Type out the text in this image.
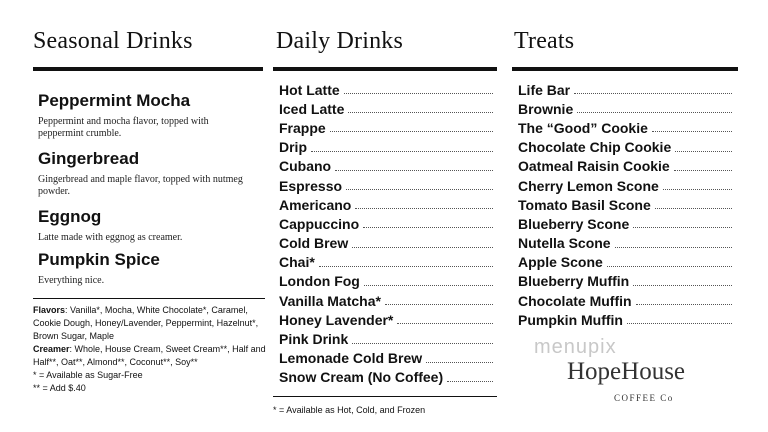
Seasonal Drinks
Peppermint Mocha
Peppermint and mocha flavor, topped with peppermint crumble.
Gingerbread
Gingerbread and maple flavor, topped with nutmeg powder.
Eggnog
Latte made with eggnog as creamer.
Pumpkin Spice
Everything nice.
Flavors: Vanilla*, Mocha, White Chocolate*, Caramel, Cookie Dough, Honey/Lavender, Peppermint, Hazelnut*, Brown Sugar, Maple
Creamer: Whole, House Cream, Sweet Cream**, Half and Half**, Oat**, Almond**, Coconut**, Soy**
* = Available as Sugar-Free
** = Add $.40
Daily Drinks
Hot Latte
Iced Latte
Frappe
Drip
Cubano
Espresso
Americano
Cappuccino
Cold Brew
Chai*
London Fog
Vanilla Matcha*
Honey Lavender*
Pink Drink
Lemonade Cold Brew
Snow Cream (No Coffee)
* = Available as Hot, Cold, and Frozen
Treats
Life Bar
Brownie
The “Good” Cookie
Chocolate Chip Cookie
Oatmeal Raisin Cookie
Cherry Lemon Scone
Tomato Basil Scone
Blueberry Scone
Nutella Scone
Apple Scone
Blueberry Muffin
Chocolate Muffin
Pumpkin Muffin
menupix
HopeHouse
COFFEE Co
